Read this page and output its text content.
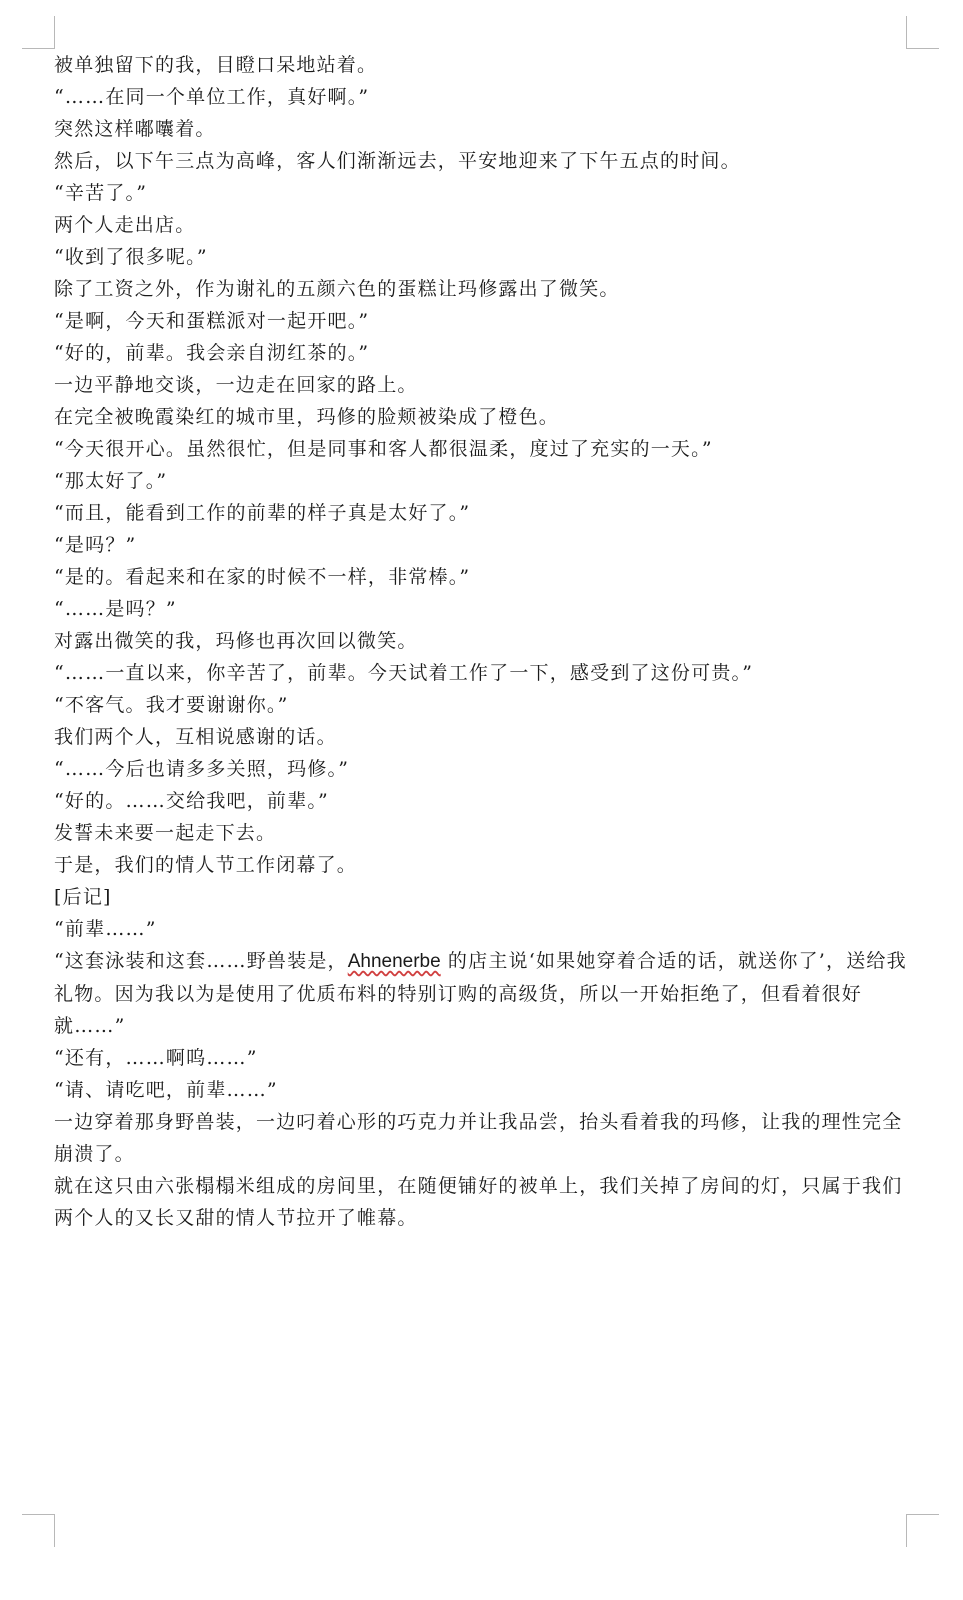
被单独留下的我，目瞪口呆地站着。

“……在同一个单位工作，真好啊。”

突然这样嘟囔着。

然后，以下午三点为高峰，客人们渐渐远去，平安地迎来了下午五点的时间。

“辛苦了。”

两个人走出店。

“收到了很多呢。”

除了工资之外，作为谢礼的五颜六色的蛋糕让玛修露出了微笑。

“是啊，今天和蛋糕派对一起开吧。”

“好的，前辈。我会亲自沏红茶的。”

一边平静地交谈，一边走在回家的路上。

在完全被晚霞染红的城市里，玛修的脸颊被染成了橙色。

“今天很开心。虽然很忙，但是同事和客人都很温柔，度过了充实的一天。”

“那太好了。”

“而且，能看到工作的前辈的样子真是太好了。”

“是吗？”

“是的。看起来和在家的时候不一样，非常棒。”

“……是吗？”

对露出微笑的我，玛修也再次回以微笑。

“……一直以来，你辛苦了，前辈。今天试着工作了一下，感受到了这份可贵。”

“不客气。我才要谢谢你。”

我们两个人，互相说感谢的话。

“……今后也请多多关照，玛修。”

“好的。……交给我吧，前辈。”

发誓未来要一起走下去。

于是，我们的情人节工作闭幕了。

[后记]

“前辈……”

“这套泳装和这套……野兽装是，Ahnenerbe 的店主说‘如果她穿着合适的话，就送你了’，送给我礼物。因为我以为是使用了优质布料的特别订购的高级货，所以一开始拒绝了，但看着很好就……”

“还有，……啊呜……”

“请、请吃吧，前辈……”

一边穿着那身野兽装，一边叼着心形的巧克力并让我品尝，抬头看着我的玛修，让我的理性完全崩溃了。

就在这只由六张榻榻米组成的房间里，在随便铺好的被单上，我们关掉了房间的灯，只属于我们两个人的又长又甜的情人节拉开了帷幕。
